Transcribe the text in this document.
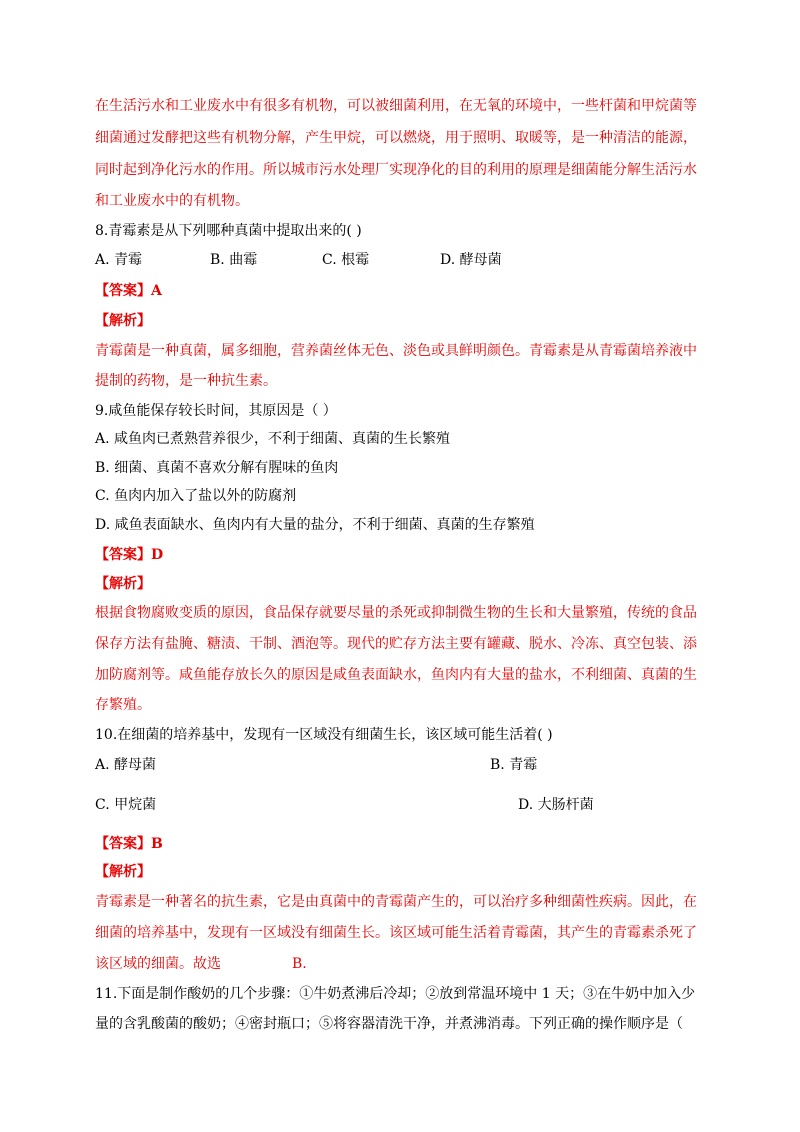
在生活污水和工业废水中有很多有机物，可以被细菌利用，在无氧的环境中，一些杆菌和甲烷菌等
细菌通过发酵把这些有机物分解，产生甲烷，可以燃烧，用于照明、取暖等，是一种清洁的能源，
同时起到净化污水的作用。所以城市污水处理厂实现净化的目的利用的原理是细菌能分解生活污水
和工业废水中的有机物。
8.青霉素是从下列哪种真菌中提取出来的( )
A. 青霉	B. 曲霉	C. 根霉	D. 酵母菌
【答案】A
【解析】
青霉菌是一种真菌，属多细胞，营养菌丝体无色、淡色或具鲜明颜色。青霉素是从青霉菌培养液中
提制的药物，是一种抗生素。
9.咸鱼能保存较长时间，其原因是（ ）
A. 咸鱼肉已煮熟营养很少，不利于细菌、真菌的生长繁殖
B. 细菌、真菌不喜欢分解有腥味的鱼肉
C. 鱼肉内加入了盐以外的防腐剂
D. 咸鱼表面缺水、鱼肉内有大量的盐分，不利于细菌、真菌的生存繁殖
【答案】D
【解析】
根据食物腐败变质的原因，食品保存就要尽量的杀死或抑制微生物的生长和大量繁殖，传统的食品
保存方法有盐腌、糖渍、干制、酒泡等。现代的贮存方法主要有罐藏、脱水、冷冻、真空包装、添
加防腐剂等。咸鱼能存放长久的原因是咸鱼表面缺水，鱼肉内有大量的盐水，不利细菌、真菌的生
存繁殖。
10.在细菌的培养基中，发现有一区域没有细菌生长，该区域可能生活着( )
A. 酵母菌	B. 青霉
C. 甲烷菌	D. 大肠杆菌
【答案】B
【解析】
青霉素是一种著名的抗生素，它是由真菌中的青霉菌产生的，可以治疗多种细菌性疾病。因此，在
细菌的培养基中，发现有一区域没有细菌生长。该区域可能生活着青霉菌，其产生的青霉素杀死了
该区域的细菌。故选	B.
11.下面是制作酸奶的几个步骤：①牛奶煮沸后冷却；②放到常温环境中 1 天；③在牛奶中加入少
量的含乳酸菌的酸奶；④密封瓶口；⑤将容器清洗干净，并煮沸消毒。下列正确的操作顺序是（
